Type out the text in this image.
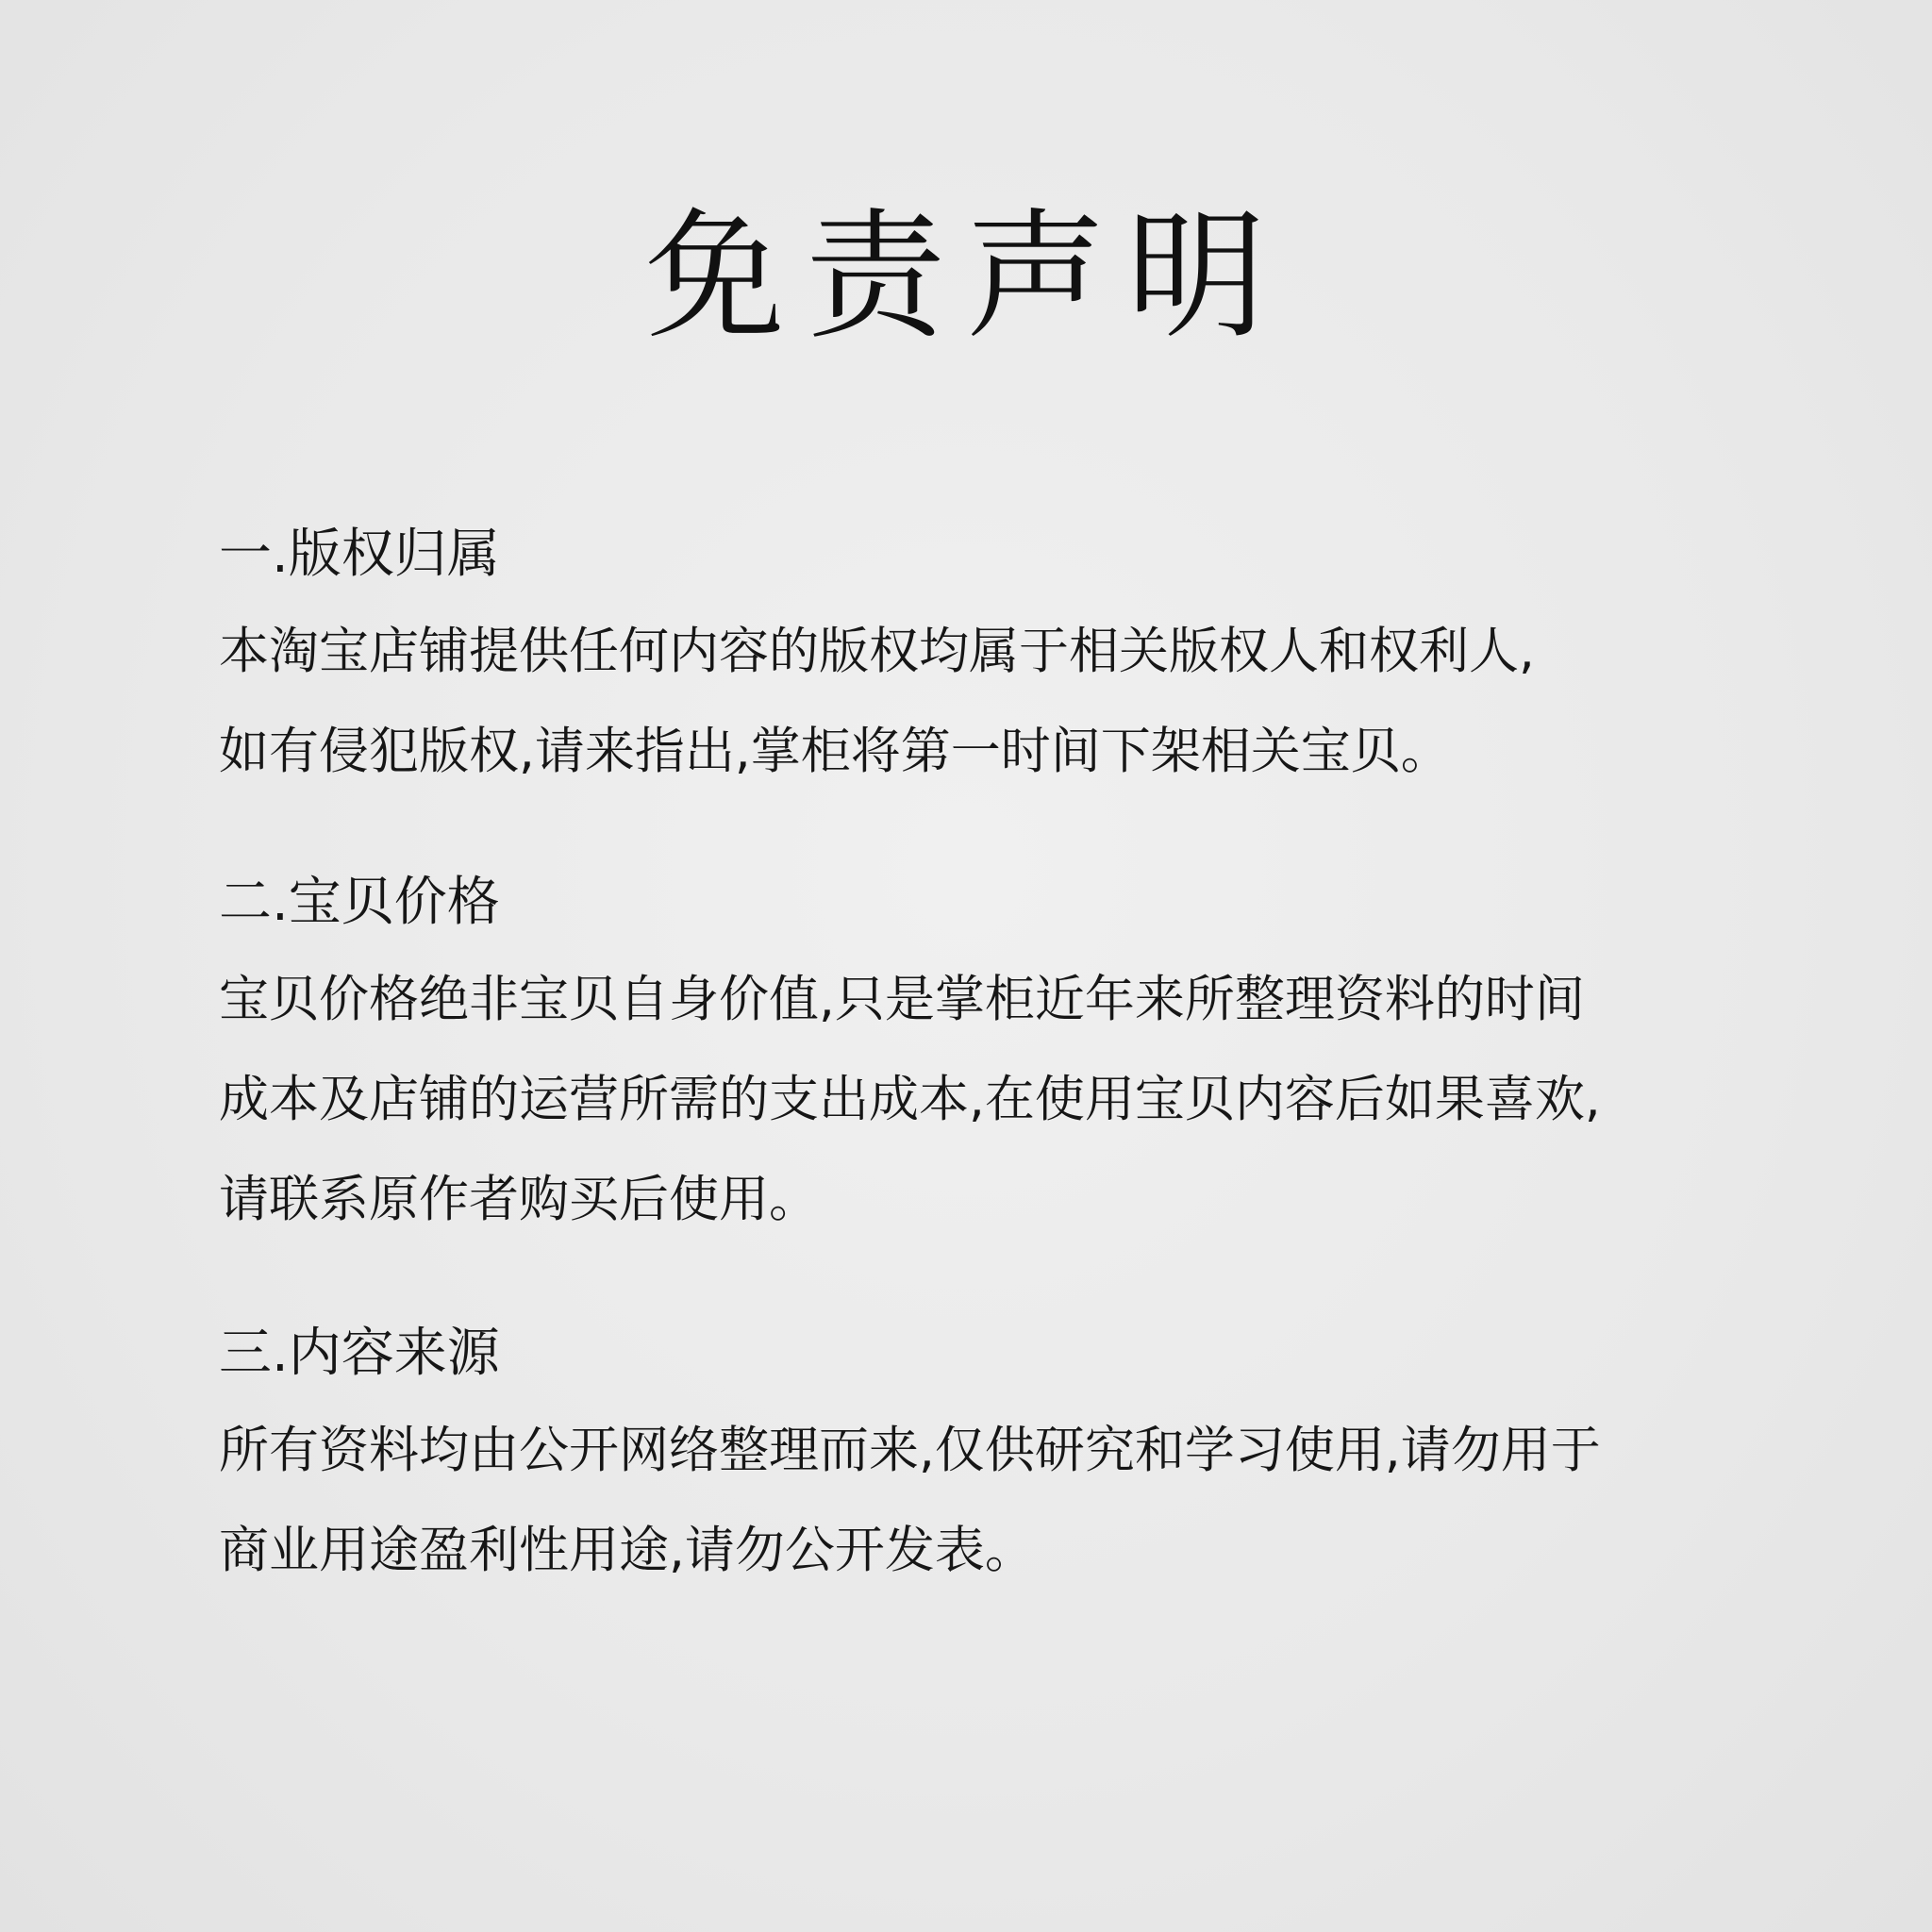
免责声明
一.版权归属
本淘宝店铺提供任何内容的版权均属于相关版权人和权利人,
如有侵犯版权,请来指出,掌柜将第一时间下架相关宝贝。
二.宝贝价格
宝贝价格绝非宝贝自身价值,只是掌柜近年来所整理资料的时间
成本及店铺的运营所需的支出成本,在使用宝贝内容后如果喜欢,
请联系原作者购买后使用。
三.内容来源
所有资料均由公开网络整理而来,仅供研究和学习使用,请勿用于
商业用途盈利性用途,请勿公开发表。
